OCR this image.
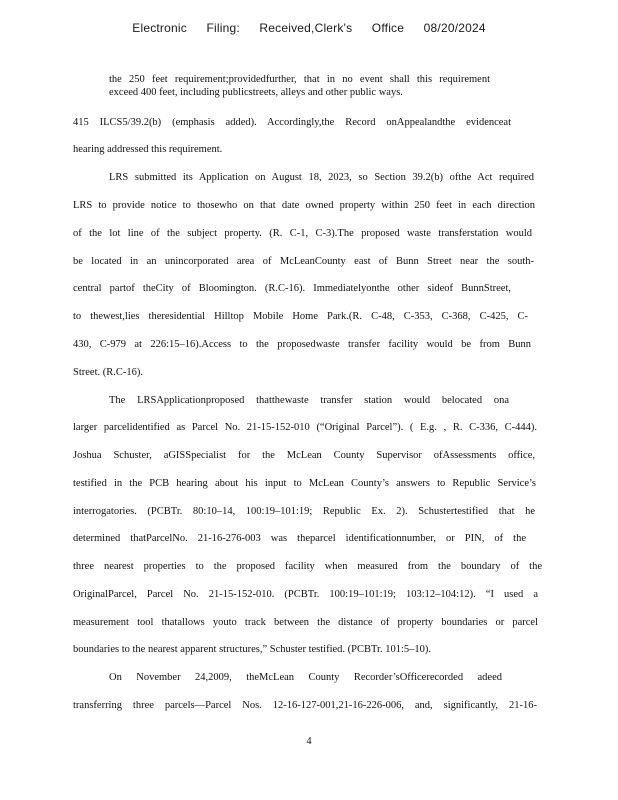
Electronic Filing: Received,Clerk's Office 08/20/2024
the 250 feet requirement;providedfurther, that in no event shall this requirement
exceed 400 feet, including publicstreets, alleys and other public ways.
415 ILCS5/39.2(b) (emphasis added). Accordingly,the Record onAppealandthe evidenceat
hearing addressed this requirement.
LRS submitted its Application on August 18, 2023, so Section 39.2(b) ofthe Act required
LRS to provide notice to thosewho on that date owned property within 250 feet in each direction
of the lot line of the subject property. (R. C-1, C-3).The proposed waste transferstation would
be located in an unincorporated area of McLeanCounty east of Bunn Street near the south-
central partof theCity of Bloomington. (R.C-16). Immediatelyonthe other sideof BunnStreet,
to thewest,lies theresidential Hilltop Mobile Home Park.(R. C-48, C-353, C-368, C-425, C-
430, C-979 at 226:15–16).Access to the proposedwaste transfer facility would be from Bunn
Street. (R.C-16).
The LRSApplicationproposed thatthewaste transfer station would belocated ona
larger parcelidentified as Parcel No. 21-15-152-010 (“Original Parcel”). ( E.g. , R. C-336, C-444).
Joshua Schuster, aGISSpecialist for the McLean County Supervisor ofAssessments office,
testified in the PCB hearing about his input to McLean County’s answers to Republic Service’s
interrogatories. (PCBTr. 80:10–14, 100:19–101:19; Republic Ex. 2). Schustertestified that he
determined thatParcelNo. 21-16-276-003 was theparcel identificationnumber, or PIN, of the
three nearest properties to the proposed facility when measured from the boundary of the
OriginalParcel, Parcel No. 21-15-152-010. (PCBTr. 100:19–101:19; 103:12–104:12). “I used a
measurement tool thatallows youto track between the distance of property boundaries or parcel
boundaries to the nearest apparent structures,” Schuster testified. (PCBTr. 101:5–10).
On November 24,2009, theMcLean County Recorder’sOfficerecorded adeed
transferring three parcels—Parcel Nos. 12-16-127-001,21-16-226-006, and, significantly, 21-16-
4
